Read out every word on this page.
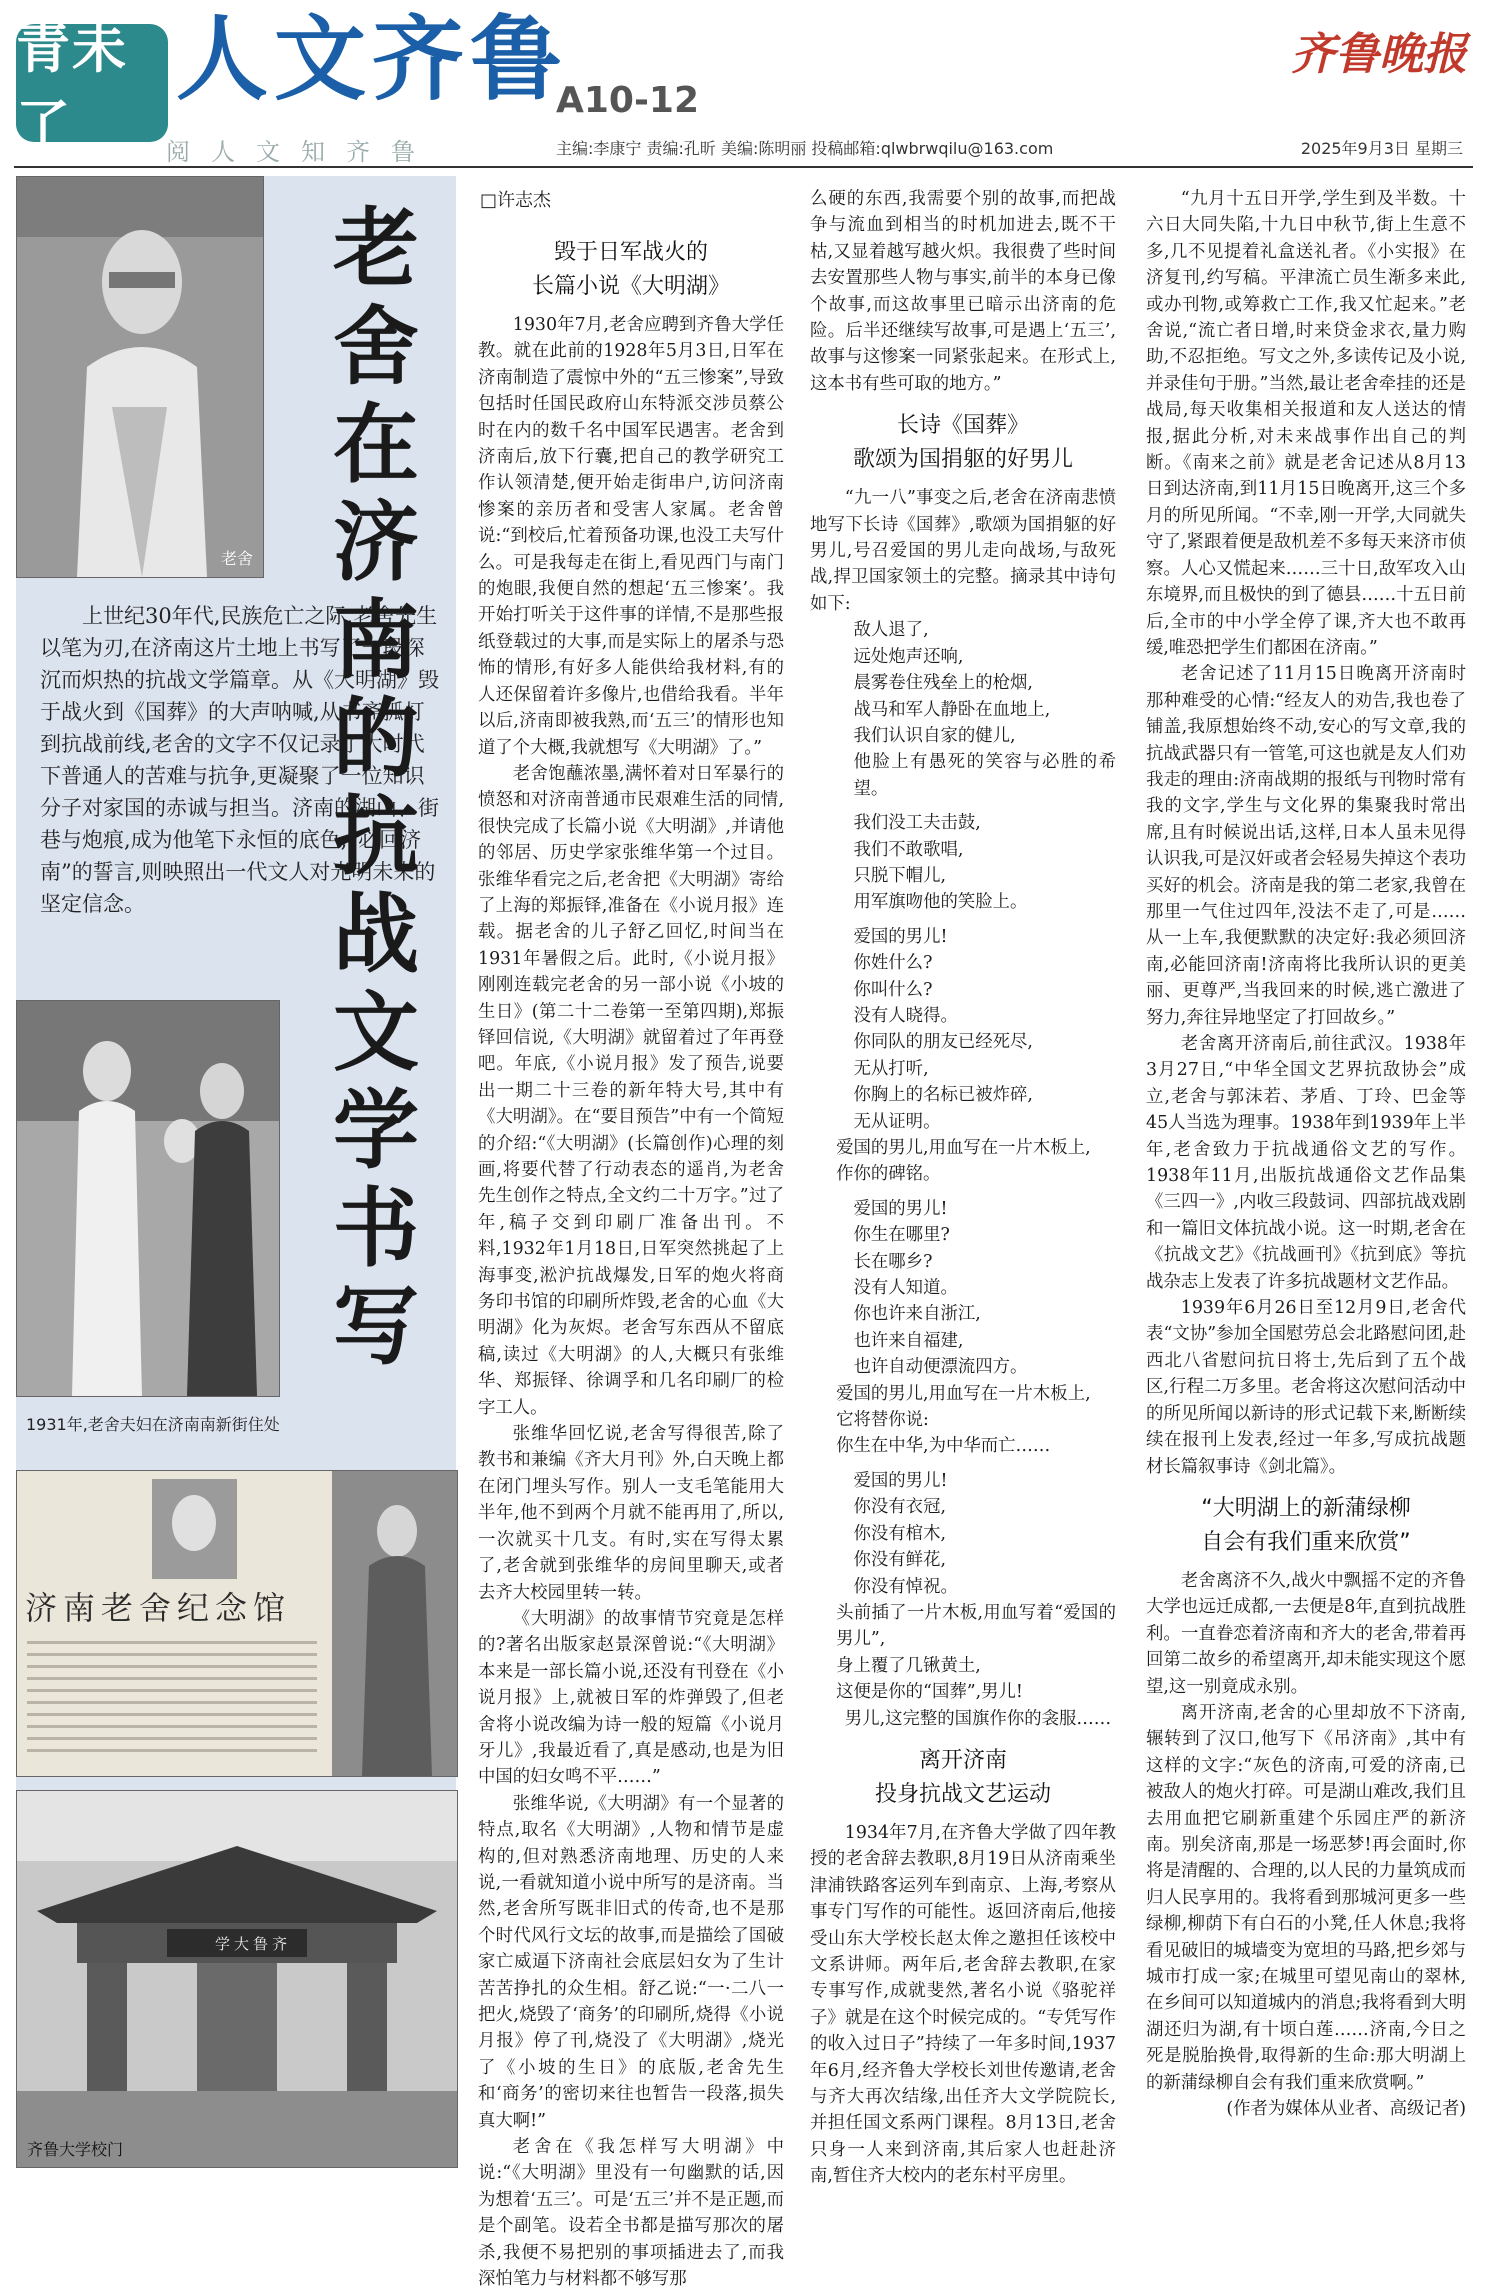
青未了
人文齐鲁
A10-12
齐鲁晚报
阅人文知齐鲁	主编:李康宁 责编:孔昕 美编:陈明丽 投稿邮箱:qlwbrwqilu@163.com	2025年9月3日 星期三
老舍
上世纪30年代,民族危亡之际,老舍先生以笔为刃,在济南这片土地上书写了一段深沉而炽热的抗战文学篇章。从《大明湖》毁于战火到《国葬》的大声呐喊,从书斋孤灯到抗战前线,老舍的文字不仅记录了大时代下普通人的苦难与抗争,更凝聚了一位知识分子对家国的赤诚与担当。济南的湖山、街巷与炮痕,成为他笔下永恒的底色,“必回济南”的誓言,则映照出一代文人对光明未来的坚定信念。
1931年,老舍夫妇在济南南新街住处
济南老舍纪念馆
学大鲁齐
齐鲁大学校门
老舍在济南的抗战文学书写
□许志杰
毁于日军战火的
长篇小说《大明湖》

1930年7月,老舍应聘到齐鲁大学任教。就在此前的1928年5月3日,日军在济南制造了震惊中外的“五三惨案”,导致包括时任国民政府山东特派交涉员蔡公时在内的数千名中国军民遇害。老舍到济南后,放下行囊,把自己的教学研究工作认领清楚,便开始走街串户,访问济南惨案的亲历者和受害人家属。老舍曾说:“到校后,忙着预备功课,也没工夫写什么。可是我每走在街上,看见西门与南门的炮眼,我便自然的想起‘五三惨案’。我开始打听关于这件事的详情,不是那些报纸登载过的大事,而是实际上的屠杀与恐怖的情形,有好多人能供给我材料,有的人还保留着许多像片,也借给我看。半年以后,济南即被我熟,而‘五三’的情形也知道了个大概,我就想写《大明湖》了。”

老舍饱蘸浓墨,满怀着对日军暴行的愤怒和对济南普通市民艰难生活的同情,很快完成了长篇小说《大明湖》,并请他的邻居、历史学家张维华第一个过目。张维华看完之后,老舍把《大明湖》寄给了上海的郑振铎,准备在《小说月报》连载。据老舍的儿子舒乙回忆,时间当在1931年暑假之后。此时,《小说月报》刚刚连载完老舍的另一部小说《小坡的生日》(第二十二卷第一至第四期),郑振铎回信说,《大明湖》就留着过了年再登吧。年底,《小说月报》发了预告,说要出一期二十三卷的新年特大号,其中有《大明湖》。在“要目预告”中有一个简短的介绍:“《大明湖》(长篇创作)心理的刻画,将要代替了行动表态的遥肖,为老舍先生创作之特点,全文约二十万字。”过了年,稿子交到印刷厂准备出刊。不料,1932年1月18日,日军突然挑起了上海事变,淞沪抗战爆发,日军的炮火将商务印书馆的印刷所炸毁,老舍的心血《大明湖》化为灰烬。老舍写东西从不留底稿,读过《大明湖》的人,大概只有张维华、郑振铎、徐调孚和几名印刷厂的检字工人。

张维华回忆说,老舍写得很苦,除了教书和兼编《齐大月刊》外,白天晚上都在闭门埋头写作。别人一支毛笔能用大半年,他不到两个月就不能再用了,所以,一次就买十几支。有时,实在写得太累了,老舍就到张维华的房间里聊天,或者去齐大校园里转一转。

《大明湖》的故事情节究竟是怎样的?著名出版家赵景深曾说:“《大明湖》本来是一部长篇小说,还没有刊登在《小说月报》上,就被日军的炸弹毁了,但老舍将小说改编为诗一般的短篇《小说月牙儿》,我最近看了,真是感动,也是为旧中国的妇女鸣不平……”

张维华说,《大明湖》有一个显著的特点,取名《大明湖》,人物和情节是虚构的,但对熟悉济南地理、历史的人来说,一看就知道小说中所写的是济南。当然,老舍所写既非旧式的传奇,也不是那个时代风行文坛的故事,而是描绘了国破家亡威逼下济南社会底层妇女为了生计苦苦挣扎的众生相。舒乙说:“一·二八一把火,烧毁了‘商务’的印刷所,烧得《小说月报》停了刊,烧没了《大明湖》,烧光了《小坡的生日》的底版,老舍先生和‘商务’的密切来往也暂告一段落,损失真大啊!”

老舍在《我怎样写大明湖》中说:“《大明湖》里没有一句幽默的话,因为想着‘五三’。可是‘五三’并不是正题,而是个副笔。设若全书都是描写那次的屠杀,我便不易把别的事项插进去了,而我深怕笔力与材料都不够写那

么硬的东西,我需要个别的故事,而把战争与流血到相当的时机加进去,既不干枯,又显着越写越火炽。我很费了些时间去安置那些人物与事实,前半的本身已像个故事,而这故事里已暗示出济南的危险。后半还继续写故事,可是遇上‘五三’,故事与这惨案一同紧张起来。在形式上,这本书有些可取的地方。”

长诗《国葬》
歌颂为国捐躯的好男儿

“九一八”事变之后,老舍在济南悲愤地写下长诗《国葬》,歌颂为国捐躯的好男儿,号召爱国的男儿走向战场,与敌死战,捍卫国家领土的完整。摘录其中诗句如下:

敌人退了,
远处炮声还响,
晨雾卷住残垒上的枪烟,
战马和军人静卧在血地上,
我们认识自家的健儿,
他脸上有愚死的笑容与必胜的希望。

我们没工夫击鼓,
我们不敢歌唱,
只脱下帽儿,
用军旗吻他的笑脸上。

爱国的男儿!
你姓什么?
你叫什么?
没有人晓得。
你同队的朋友已经死尽,
无从打听,
你胸上的名标已被炸碎,
无从证明。

爱国的男儿,用血写在一片木板上,
作你的碑铭。

爱国的男儿!
你生在哪里?
长在哪乡?
没有人知道。
你也许来自浙江,
也许来自福建,
也许自动便漂流四方。

爱国的男儿,用血写在一片木板上,
它将替你说:
你生在中华,为中华而亡……

爱国的男儿!
你没有衣冠,
你没有棺木,
你没有鲜花,
你没有悼祝。

头前插了一片木板,用血写着“爱国的男儿”,
身上覆了几锹黄土,
这便是你的“国葬”,男儿!

男儿,这完整的国旗作你的衾服……

离开济南
投身抗战文艺运动

1934年7月,在齐鲁大学做了四年教授的老舍辞去教职,8月19日从济南乘坐津浦铁路客运列车到南京、上海,考察从事专门写作的可能性。返回济南后,他接受山东大学校长赵太侔之邀担任该校中文系讲师。两年后,老舍辞去教职,在家专事写作,成就斐然,著名小说《骆驼祥子》就是在这个时候完成的。“专凭写作的收入过日子”持续了一年多时间,1937年6月,经齐鲁大学校长刘世传邀请,老舍与齐大再次结缘,出任齐大文学院院长,并担任国文系两门课程。8月13日,老舍只身一人来到济南,其后家人也赶赴济南,暂住齐大校内的老东村平房里。

“九月十五日开学,学生到及半数。十六日大同失陷,十九日中秋节,街上生意不多,几不见提着礼盒送礼者。《小实报》在济复刊,约写稿。平津流亡员生渐多来此,或办刊物,或筹救亡工作,我又忙起来。”老舍说,“流亡者日增,时来贷金求衣,量力购助,不忍拒绝。写文之外,多读传记及小说,并录佳句于册。”当然,最让老舍牵挂的还是战局,每天收集相关报道和友人送达的情报,据此分析,对未来战事作出自己的判断。《南来之前》就是老舍记述从8月13日到达济南,到11月15日晚离开,这三个多月的所见所闻。“不幸,刚一开学,大同就失守了,紧跟着便是敌机差不多每天来济市侦察。人心又慌起来……三十日,敌军攻入山东境界,而且极快的到了德县……十五日前后,全市的中小学全停了课,齐大也不敢再缓,唯恐把学生们都困在济南。”

老舍记述了11月15日晚离开济南时那种难受的心情:“经友人的劝告,我也卷了铺盖,我原想始终不动,安心的写文章,我的抗战武器只有一管笔,可这也就是友人们劝我走的理由:济南战期的报纸与刊物时常有我的文字,学生与文化界的集聚我时常出席,且有时候说出话,这样,日本人虽未见得认识我,可是汉奸或者会轻易失掉这个表功买好的机会。济南是我的第二老家,我曾在那里一气住过四年,没法不走了,可是……从一上车,我便默默的决定好:我必须回济南,必能回济南!济南将比我所认识的更美丽、更尊严,当我回来的时候,逃亡激进了努力,奔往异地坚定了打回故乡。”

老舍离开济南后,前往武汉。1938年3月27日,“中华全国文艺界抗敌协会”成立,老舍与郭沫若、茅盾、丁玲、巴金等45人当选为理事。1938年到1939年上半年,老舍致力于抗战通俗文艺的写作。1938年11月,出版抗战通俗文艺作品集《三四一》,内收三段鼓词、四部抗战戏剧和一篇旧文体抗战小说。这一时期,老舍在《抗战文艺》《抗战画刊》《抗到底》等抗战杂志上发表了许多抗战题材文艺作品。

1939年6月26日至12月9日,老舍代表“文协”参加全国慰劳总会北路慰问团,赴西北八省慰问抗日将士,先后到了五个战区,行程二万多里。老舍将这次慰问活动中的所见所闻以新诗的形式记载下来,断断续续在报刊上发表,经过一年多,写成抗战题材长篇叙事诗《剑北篇》。

“大明湖上的新蒲绿柳
自会有我们重来欣赏”

老舍离济不久,战火中飘摇不定的齐鲁大学也远迁成都,一去便是8年,直到抗战胜利。一直眷恋着济南和齐大的老舍,带着再回第二故乡的希望离开,却未能实现这个愿望,这一别竟成永别。

离开济南,老舍的心里却放不下济南,辗转到了汉口,他写下《吊济南》,其中有这样的文字:“灰色的济南,可爱的济南,已被敌人的炮火打碎。可是湖山难改,我们且去用血把它刷新重建个乐园庄严的新济南。别矣济南,那是一场恶梦!再会面时,你将是清醒的、合理的,以人民的力量筑成而归人民享用的。我将看到那城河更多一些绿柳,柳荫下有白石的小凳,任人休息;我将看见破旧的城墙变为宽坦的马路,把乡郊与城市打成一家;在城里可望见南山的翠林,在乡间可以知道城内的消息;我将看到大明湖还归为湖,有十顷白莲……济南,今日之死是脱胎换骨,取得新的生命:那大明湖上的新蒲绿柳自会有我们重来欣赏啊。”

(作者为媒体从业者、高级记者)
